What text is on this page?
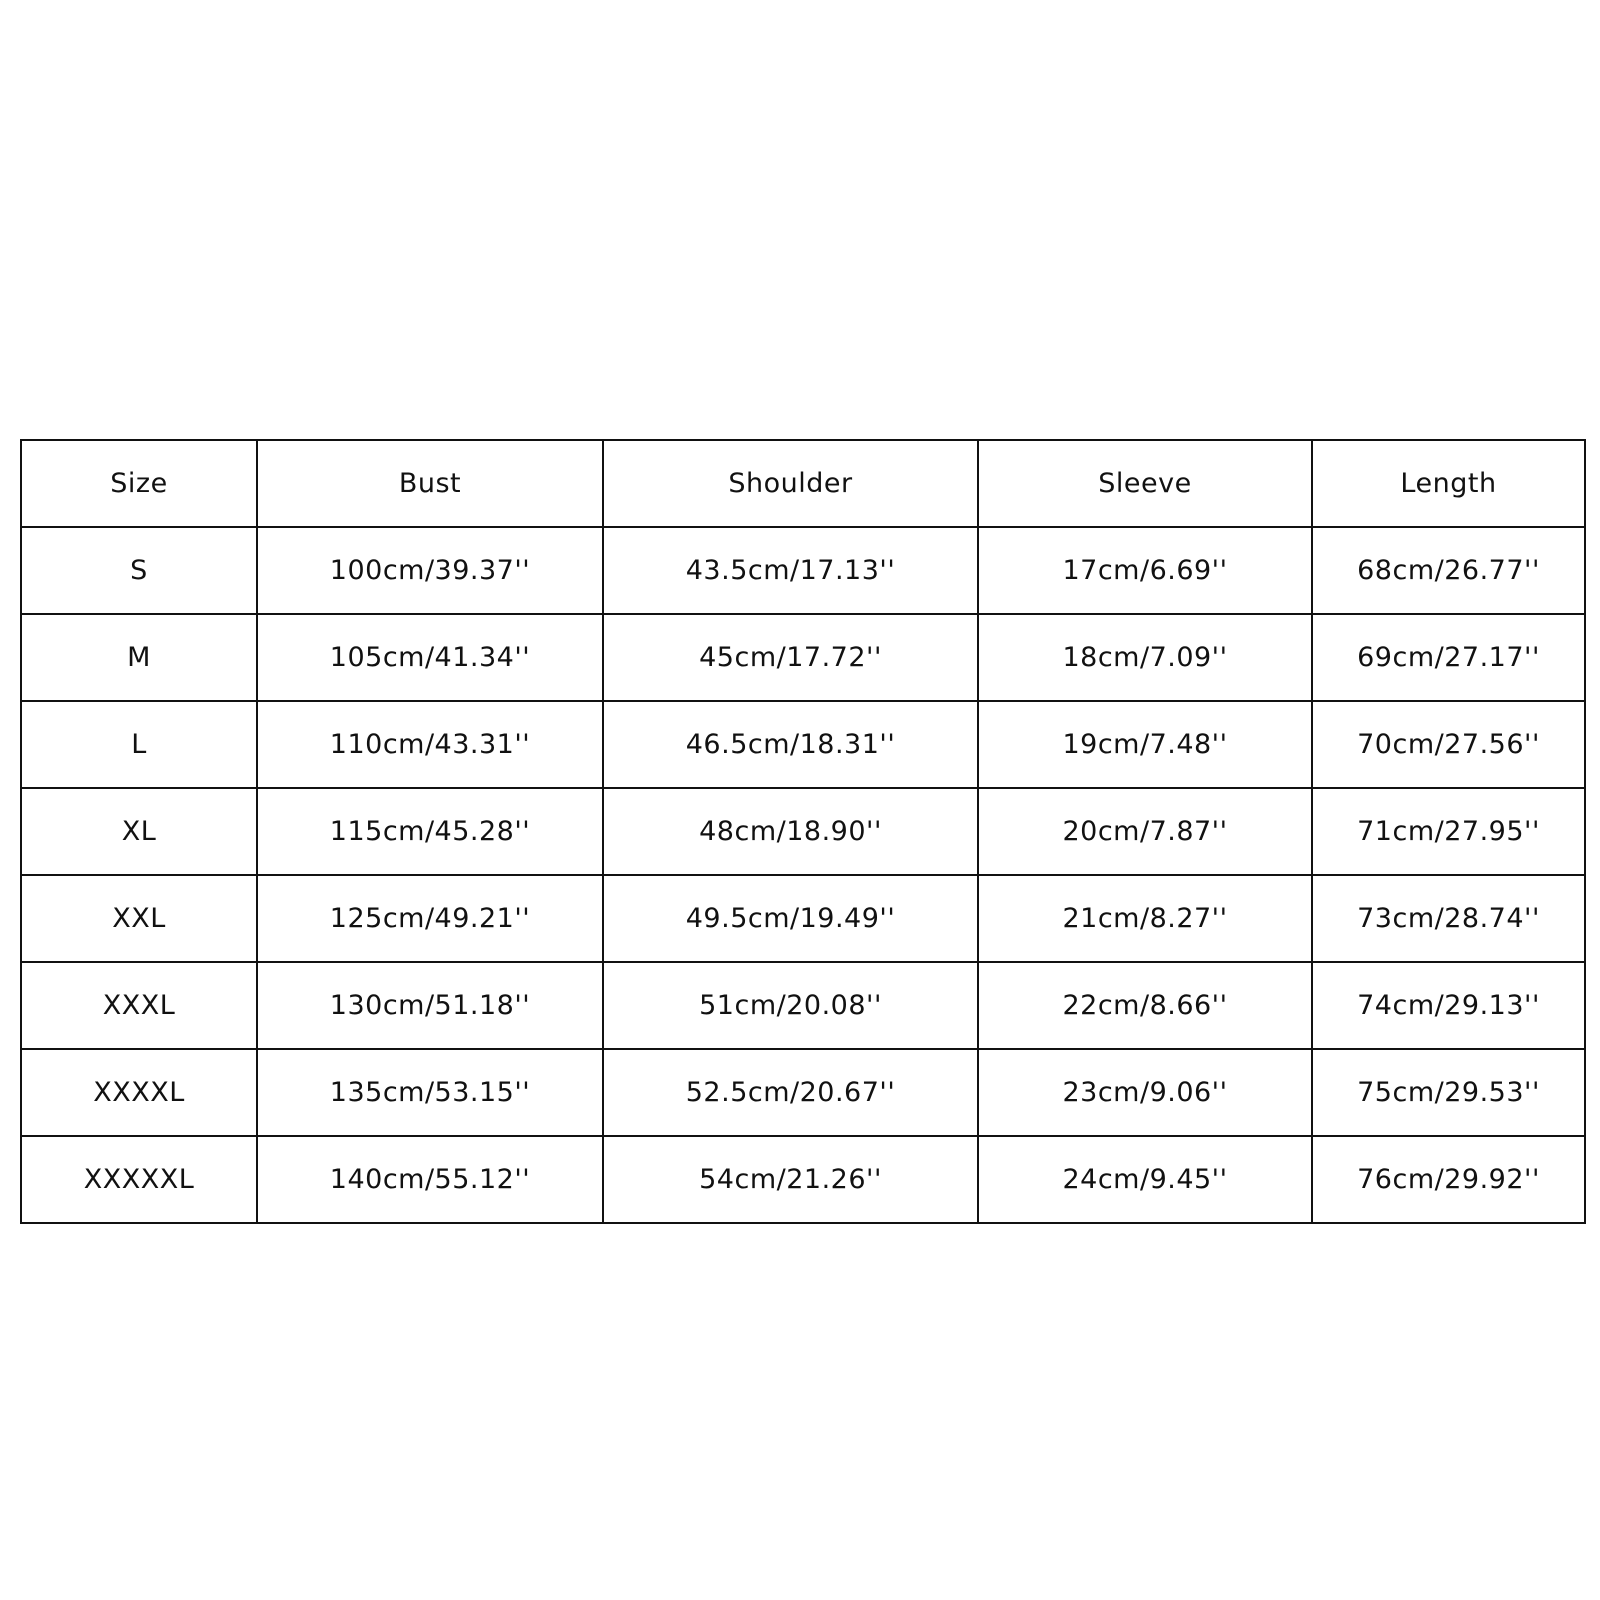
Size	Bust	Shoulder	Sleeve	Length
S	100cm/39.37''	43.5cm/17.13''	17cm/6.69''	68cm/26.77''
M	105cm/41.34''	45cm/17.72''	18cm/7.09''	69cm/27.17''
L	110cm/43.31''	46.5cm/18.31''	19cm/7.48''	70cm/27.56''
XL	115cm/45.28''	48cm/18.90''	20cm/7.87''	71cm/27.95''
XXL	125cm/49.21''	49.5cm/19.49''	21cm/8.27''	73cm/28.74''
XXXL	130cm/51.18''	51cm/20.08''	22cm/8.66''	74cm/29.13''
XXXXL	135cm/53.15''	52.5cm/20.67''	23cm/9.06''	75cm/29.53''
XXXXXL	140cm/55.12''	54cm/21.26''	24cm/9.45''	76cm/29.92''
